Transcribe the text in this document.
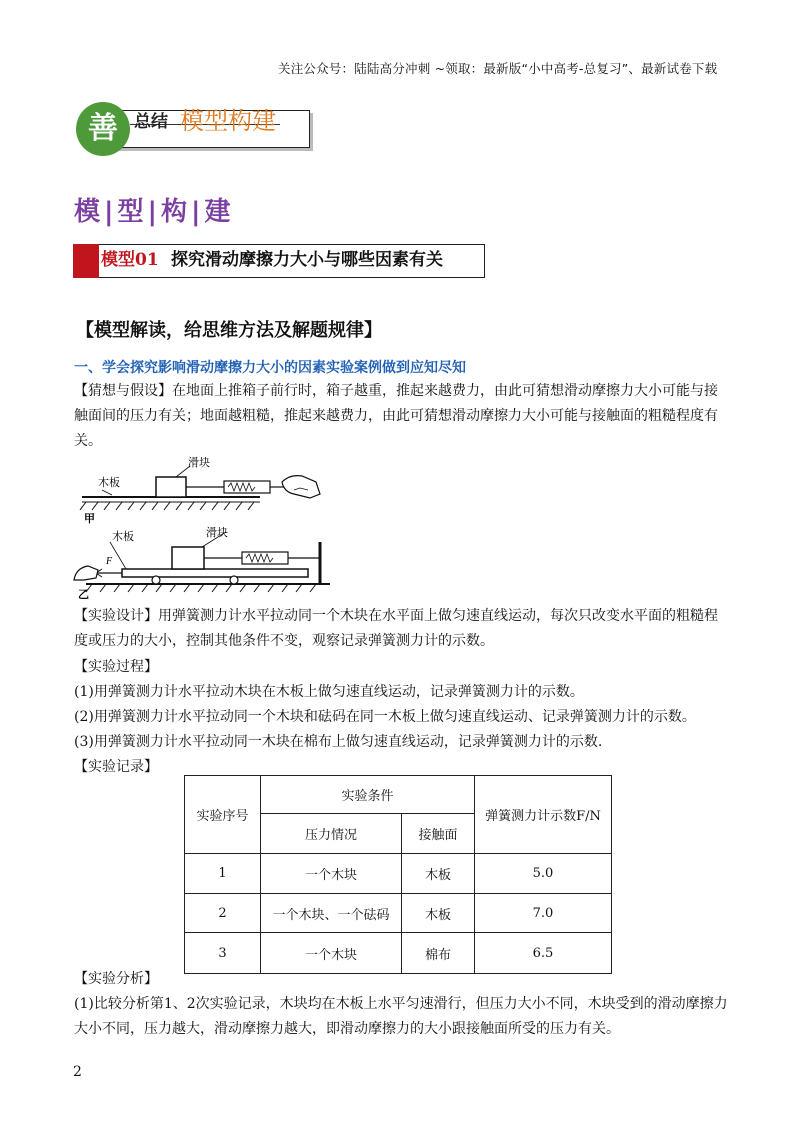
关注公众号：陆陆高分冲刺 ~领取：最新版“小中高考-总复习”、最新试卷下载
善 总结 模型构建
模|型|构|建
模型01 探究滑动摩擦力大小与哪些因素有关
【模型解读，给思维方法及解题规律】
一、学会探究影响滑动摩擦力大小的因素实验案例做到应知尽知
【猜想与假设】在地面上推箱子前行时，箱子越重，推起来越费力，由此可猜想滑动摩擦力大小可能与接触面间的压力有关；地面越粗糙，推起来越费力，由此可猜想滑动摩擦力大小可能与接触面的粗糙程度有关。
木板
滑块
甲
木板	滑块
F
乙
【实验设计】用弹簧测力计水平拉动同一个木块在水平面上做匀速直线运动，每次只改变水平面的粗糙程度或压力的大小，控制其他条件不变，观察记录弹簧测力计的示数。
【实验过程】
(1)用弹簧测力计水平拉动木块在木板上做匀速直线运动，记录弹簧测力计的示数。
(2)用弹簧测力计水平拉动同一个木块和砝码在同一木板上做匀速直线运动、记录弹簧测力计的示数。
(3)用弹簧测力计水平拉动同一木块在棉布上做匀速直线运动，记录弹簧测力计的示数.
【实验记录】
实验序号	实验条件		弹簧测力计示数F/N
	压力情况	接触面	
1	一个木块	木板	5.0
2	一个木块、一个砝码	木板	7.0
3	一个木块	棉布	6.5
【实验分析】
(1)比较分析第1、2次实验记录，木块均在木板上水平匀速滑行，但压力大小不同，木块受到的滑动摩擦力大小不同，压力越大，滑动摩擦力越大，即滑动摩擦力的大小跟接触面所受的压力有关。
2
